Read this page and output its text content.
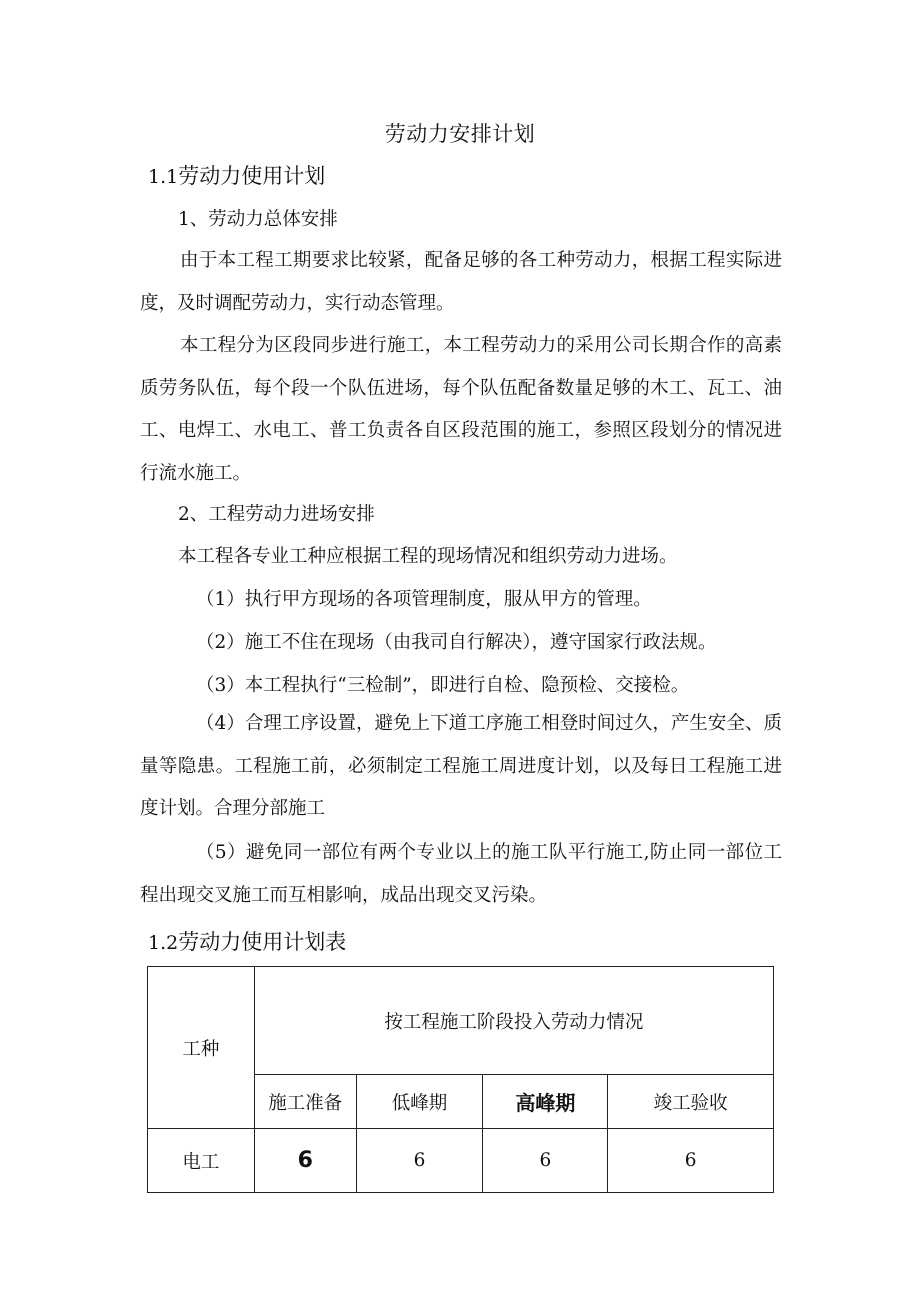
劳动力安排计划
1.1劳动力使用计划
1、劳动力总体安排
由于本工程工期要求比较紧，配备足够的各工种劳动力，根据工程实际进度，及时调配劳动力，实行动态管理。
本工程分为区段同步进行施工，本工程劳动力的采用公司长期合作的高素质劳务队伍，每个段一个队伍进场，每个队伍配备数量足够的木工、瓦工、油工、电焊工、水电工、普工负责各自区段范围的施工，参照区段划分的情况进行流水施工。
2、工程劳动力进场安排
本工程各专业工种应根据工程的现场情况和组织劳动力进场。
（1）执行甲方现场的各项管理制度，服从甲方的管理。
（2）施工不住在现场（由我司自行解决），遵守国家行政法规。
（3）本工程执行“三检制”，即进行自检、隐预检、交接检。
（4）合理工序设置，避免上下道工序施工相登时间过久，产生安全、质量等隐患。工程施工前，必须制定工程施工周进度计划，以及每日工程施工进度计划。合理分部施工
（5）避免同一部位有两个专业以上的施工队平行施工,防止同一部位工程出现交叉施工而互相影响，成品出现交叉污染。
1.2劳动力使用计划表
工种	按工程施工阶段投入劳动力情况			
	施工准备	低峰期	高峰期	竣工验收
电工	6	6	6	6
